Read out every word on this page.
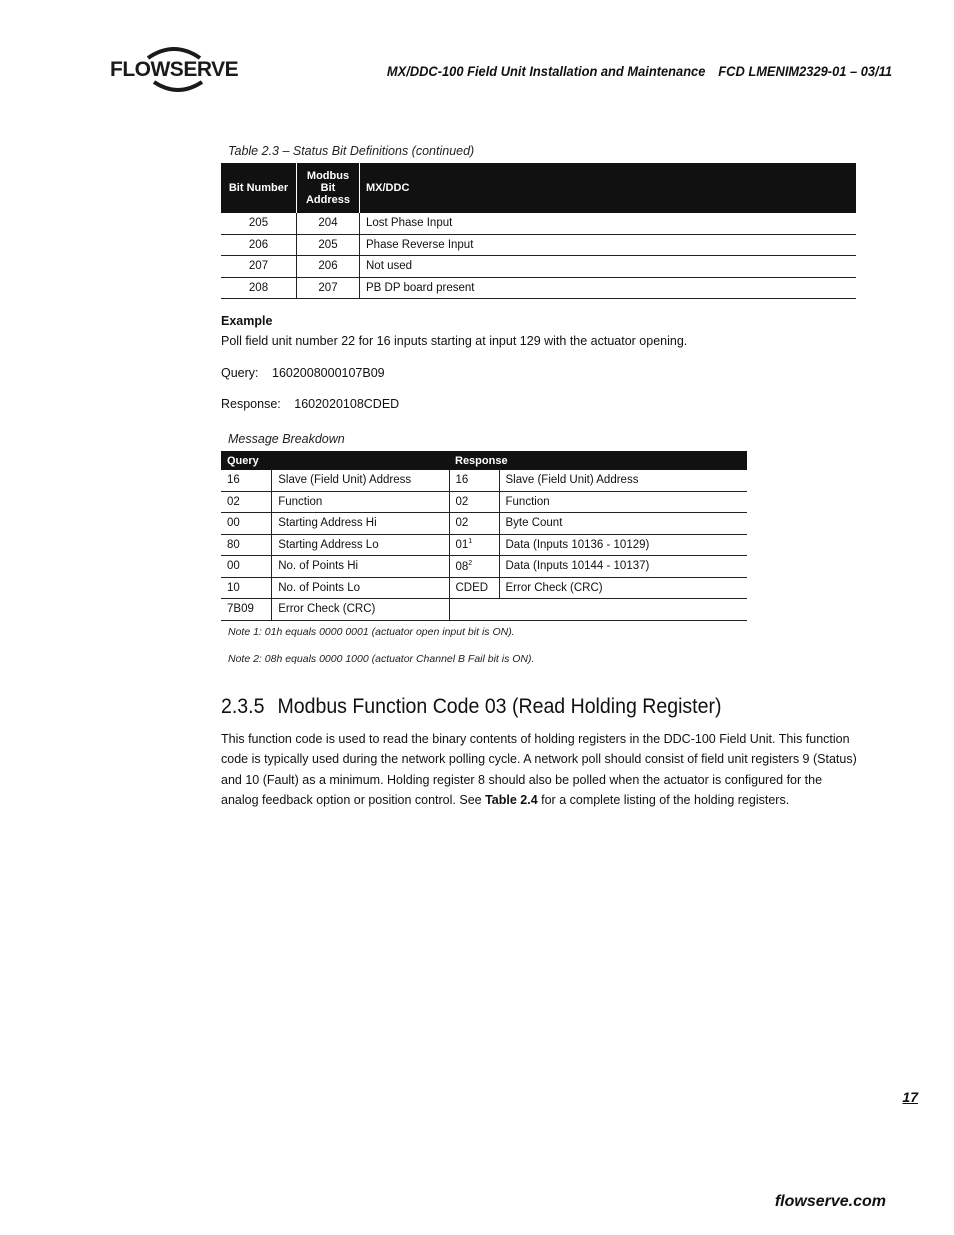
FLOWSERVE	MX/DDC-100 Field Unit Installation and Maintenance FCD LMENIM2329-01 – 03/11
Table 2.3 – Status Bit Definitions (continued)
Bit Number	Modbus Bit Address	MX/DDC
205	204	Lost Phase Input
206	205	Phase Reverse Input
207	206	Not used
208	207	PB DP board present
Example
Poll field unit number 22 for 16 inputs starting at input 129 with the actuator opening.
Query: 1602008000107B09
Response: 1602020108CDED
Message Breakdown
Query		Response	
16	Slave (Field Unit) Address	16	Slave (Field Unit) Address
02	Function	02	Function
00	Starting Address Hi	02	Byte Count
80	Starting Address Lo	$01^1$	Data (Inputs 10136 - 10129)
00	No. of Points Hi	$08^2$	Data (Inputs 10144 - 10137)
10	No. of Points Lo	CDED	Error Check (CRC)
7B09	Error Check (CRC)		
Note 1: 01h equals 0000 0001 (actuator open input bit is ON).
Note 2: 08h equals 0000 1000 (actuator Channel B Fail bit is ON).
2.3.5 Modbus Function Code 03 (Read Holding Register)
This function code is used to read the binary contents of holding registers in the DDC-100 Field Unit. This function code is typically used during the network polling cycle. A network poll should consist of field unit registers 9 (Status) and 10 (Fault) as a minimum. Holding register 8 should also be polled when the actuator is configured for the analog feedback option or position control. See Table 2.4 for a complete listing of the holding registers.
17
flowserve.com
